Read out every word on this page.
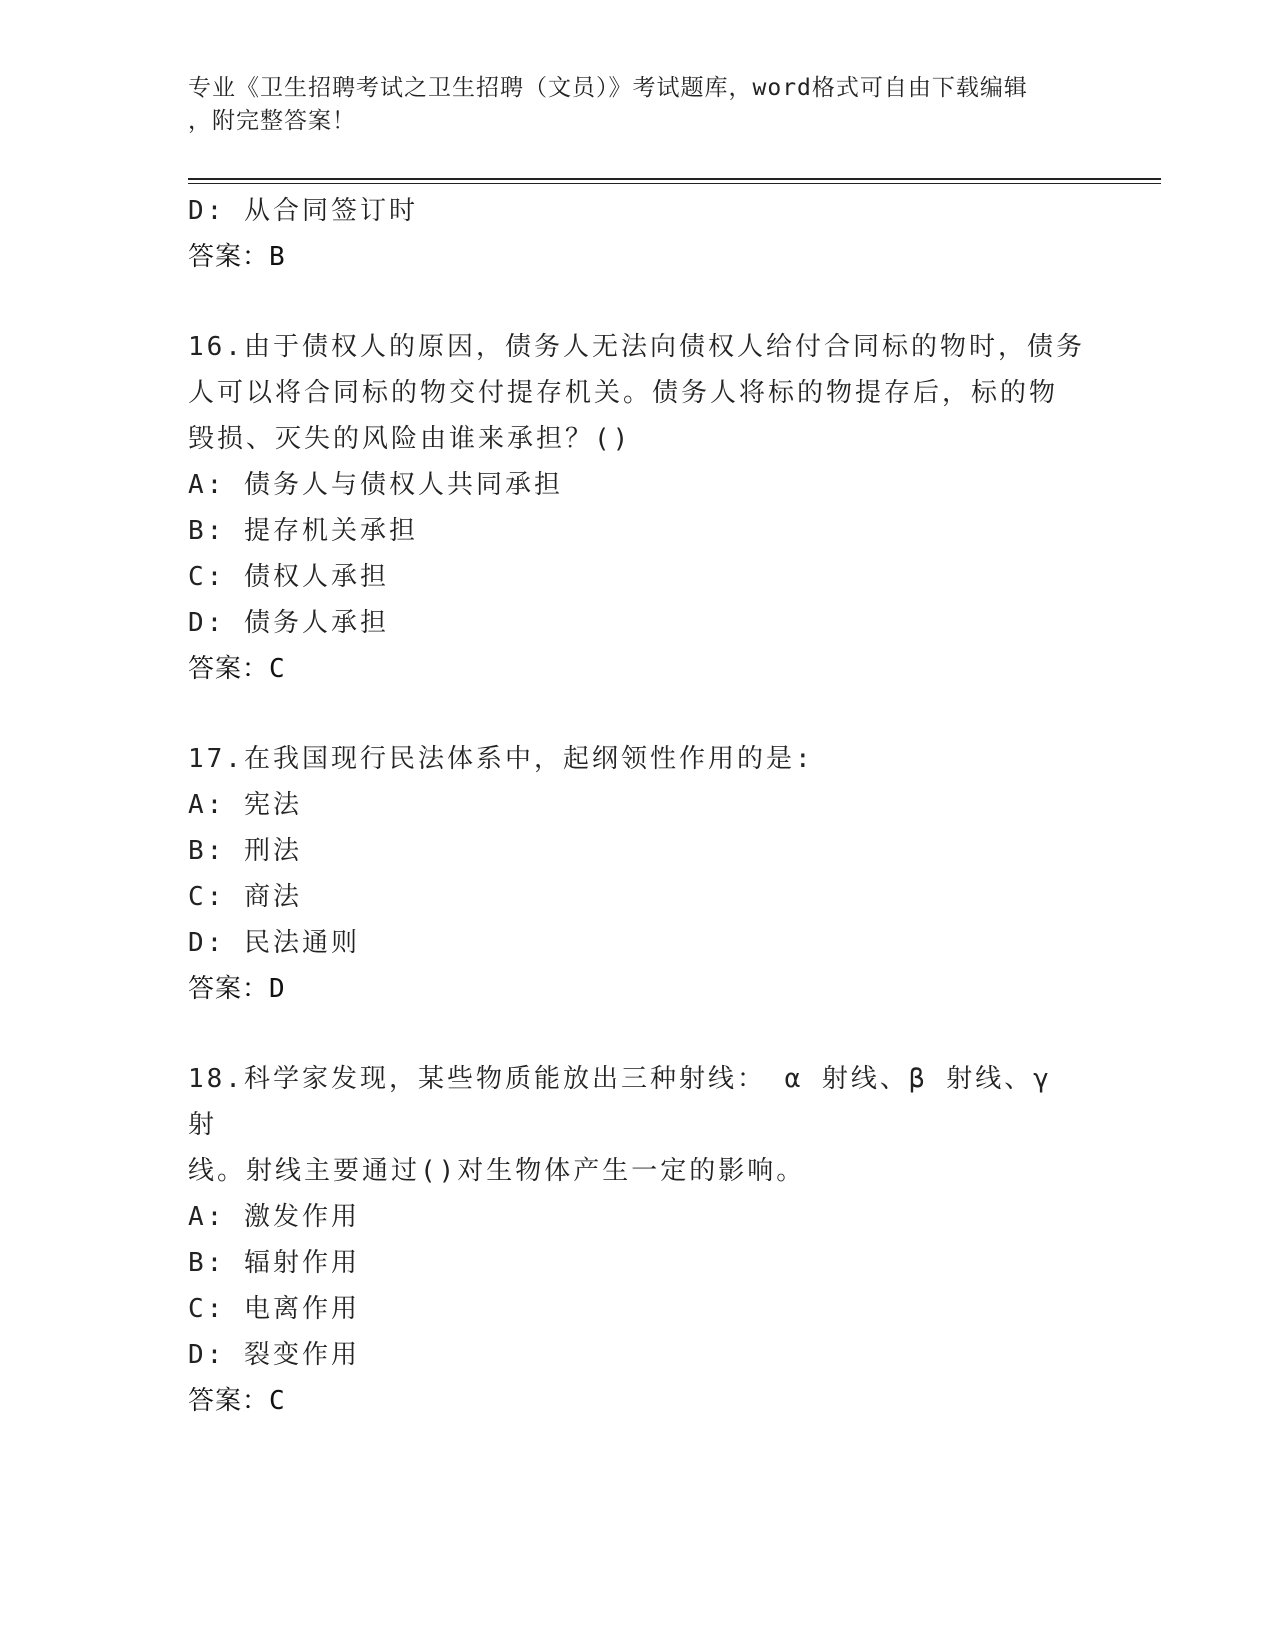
专业《卫生招聘考试之卫生招聘（文员）》考试题库，word格式可自由下载编辑
，附完整答案！
D: 从合同签订时
答案：B
16.由于债权人的原因，债务人无法向债权人给付合同标的物时，债务
人可以将合同标的物交付提存机关。债务人将标的物提存后，标的物
毁损、灭失的风险由谁来承担？()
A: 债务人与债权人共同承担
B: 提存机关承担
C: 债权人承担
D: 债务人承担
答案：C
17.在我国现行民法体系中，起纲领性作用的是:
A: 宪法
B: 刑法
C: 商法
D: 民法通则
答案：D
18.科学家发现，某些物质能放出三种射线： α 射线、β 射线、γ 射
线。射线主要通过()对生物体产生一定的影响。
A: 激发作用
B: 辐射作用
C: 电离作用
D: 裂变作用
答案：C
